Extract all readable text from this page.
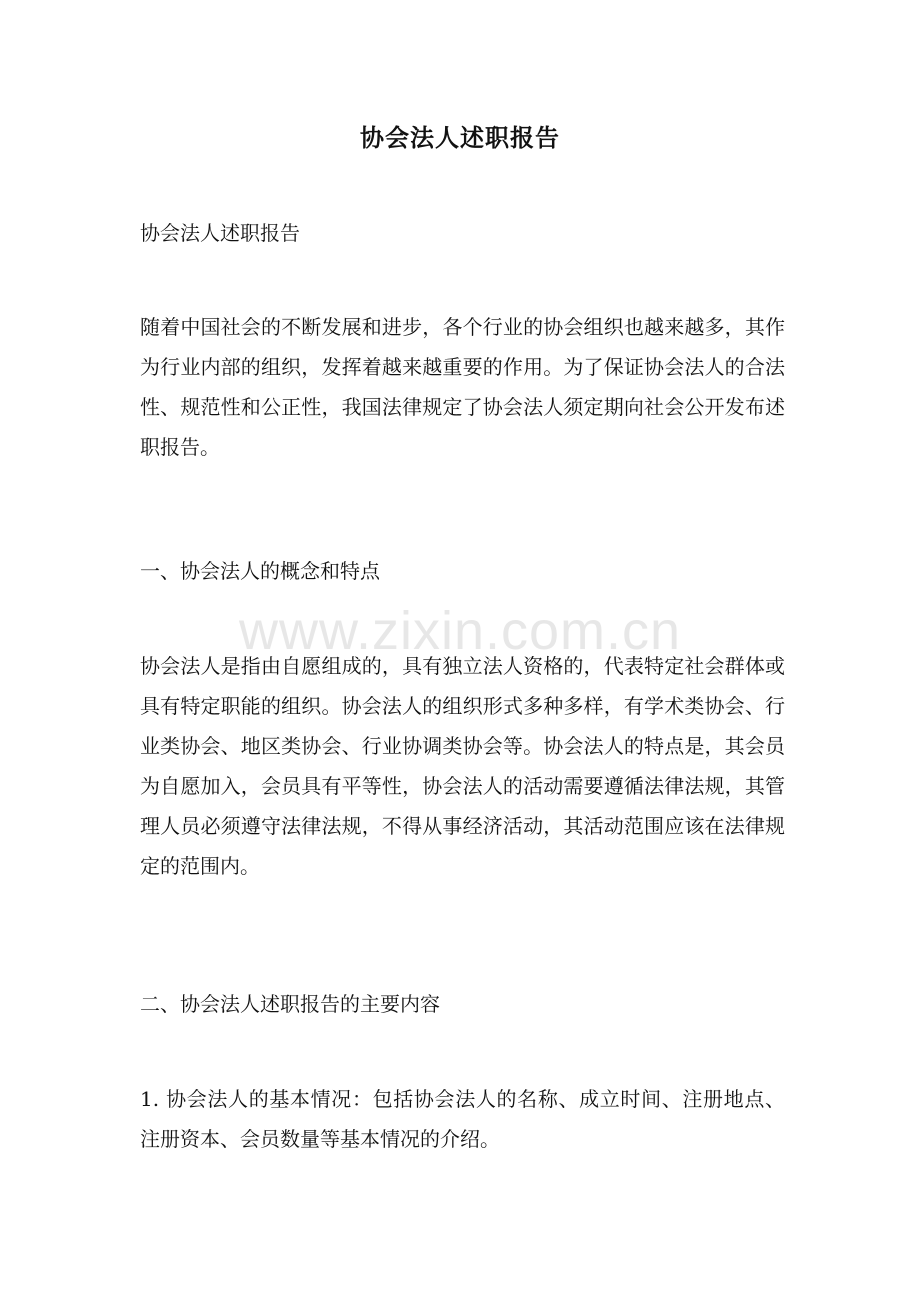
协会法人述职报告

协会法人述职报告

随着中国社会的不断发展和进步，各个行业的协会组织也越来越多，其作为行业内部的组织，发挥着越来越重要的作用。为了保证协会法人的合法性、规范性和公正性，我国法律规定了协会法人须定期向社会公开发布述职报告。

一、协会法人的概念和特点

www.zixin.com.cn

协会法人是指由自愿组成的，具有独立法人资格的，代表特定社会群体或具有特定职能的组织。协会法人的组织形式多种多样，有学术类协会、行业类协会、地区类协会、行业协调类协会等。协会法人的特点是，其会员为自愿加入，会员具有平等性，协会法人的活动需要遵循法律法规，其管理人员必须遵守法律法规，不得从事经济活动，其活动范围应该在法律规定的范围内。

二、协会法人述职报告的主要内容

1. 协会法人的基本情况：包括协会法人的名称、成立时间、注册地点、注册资本、会员数量等基本情况的介绍。
